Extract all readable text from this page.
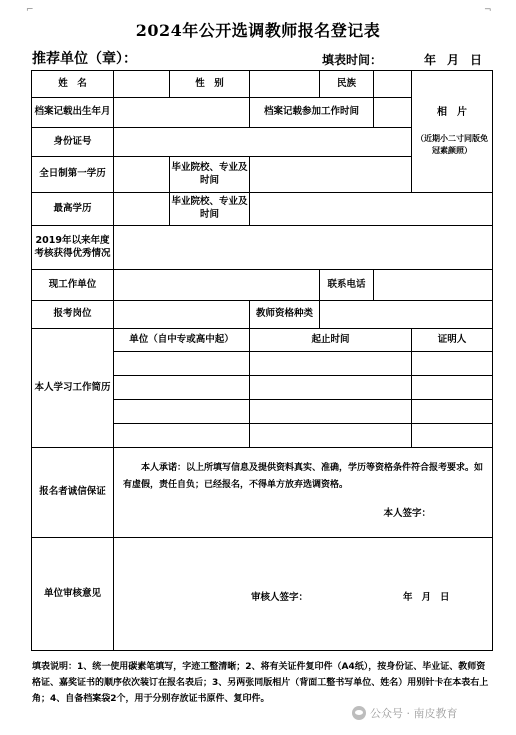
⌐	¬
2024年公开选调教师报名登记表
推荐单位（章）：	填表时间：	年月日
姓　名		性　别		民族		相　片
（近期小二寸同版免冠素颜照）

档案记载出生年月			档案记载参加工作时间			
身份证号						
全日制第一学历		毕业院校、专业及时间				
最高学历		毕业院校、专业及时间				
2019年以来年度考核获得优秀情况						
现工作单位				联系电话		
报考岗位			教师资格种类			
本人学习工作简历	单位（自中专或高中起）		起止时间			证明人

报名者诚信保证	本人承诺：以上所填写信息及提供资料真实、准确，学历等资格条件符合报考要求。如有虚假，责任自负；已经报名，不得单方放弃选调资格。
本人签字：					

单位审核意见	审核人签字： 年月日					
填表说明：1、统一使用碳素笔填写，字迹工整清晰；2、将有关证件复印件（A4纸），按身份证、毕业证、教师资格证、嘉奖证书的顺序依次装订在报名表后；3、另两张同版相片（背面工整书写单位、姓名）用别针卡在本表右上角；4、自备档案袋2个，用于分别存放证书原件、复印件。
公众号 · 南皮教育
